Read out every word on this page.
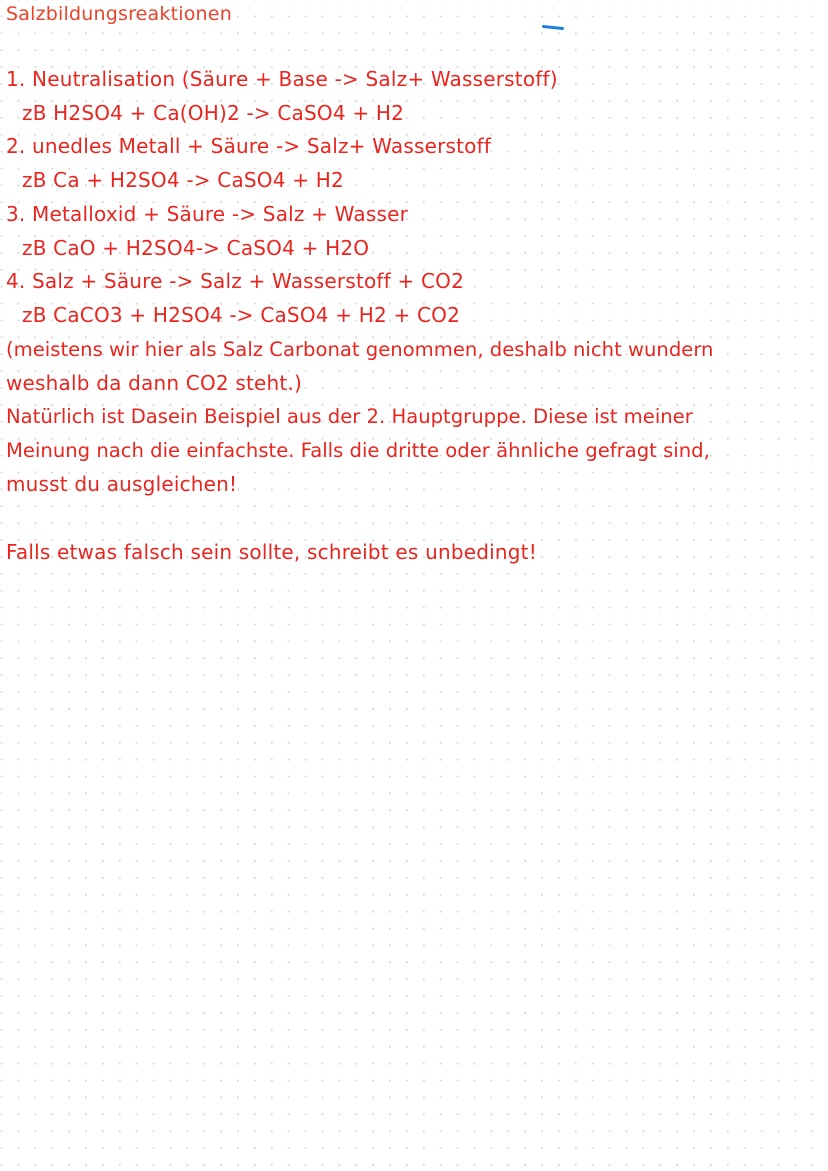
Salzbildungsreaktionen
1. Neutralisation (Säure + Base -> Salz+ Wasserstoff)
zB H2SO4 + Ca(OH)2 -> CaSO4 + H2
2. unedles Metall + Säure -> Salz+ Wasserstoff
zB Ca + H2SO4 -> CaSO4 + H2
3. Metalloxid + Säure -> Salz + Wasser
zB CaO + H2SO4-> CaSO4 + H2O
4. Salz + Säure -> Salz + Wasserstoff + CO2
zB CaCO3 + H2SO4 -> CaSO4 + H2 + CO2
(meistens wir hier als Salz Carbonat genommen, deshalb nicht wundern
weshalb da dann CO2 steht.)
Natürlich ist Dasein Beispiel aus der 2. Hauptgruppe. Diese ist meiner
Meinung nach die einfachste. Falls die dritte oder ähnliche gefragt sind,
musst du ausgleichen!
Falls etwas falsch sein sollte, schreibt es unbedingt!
